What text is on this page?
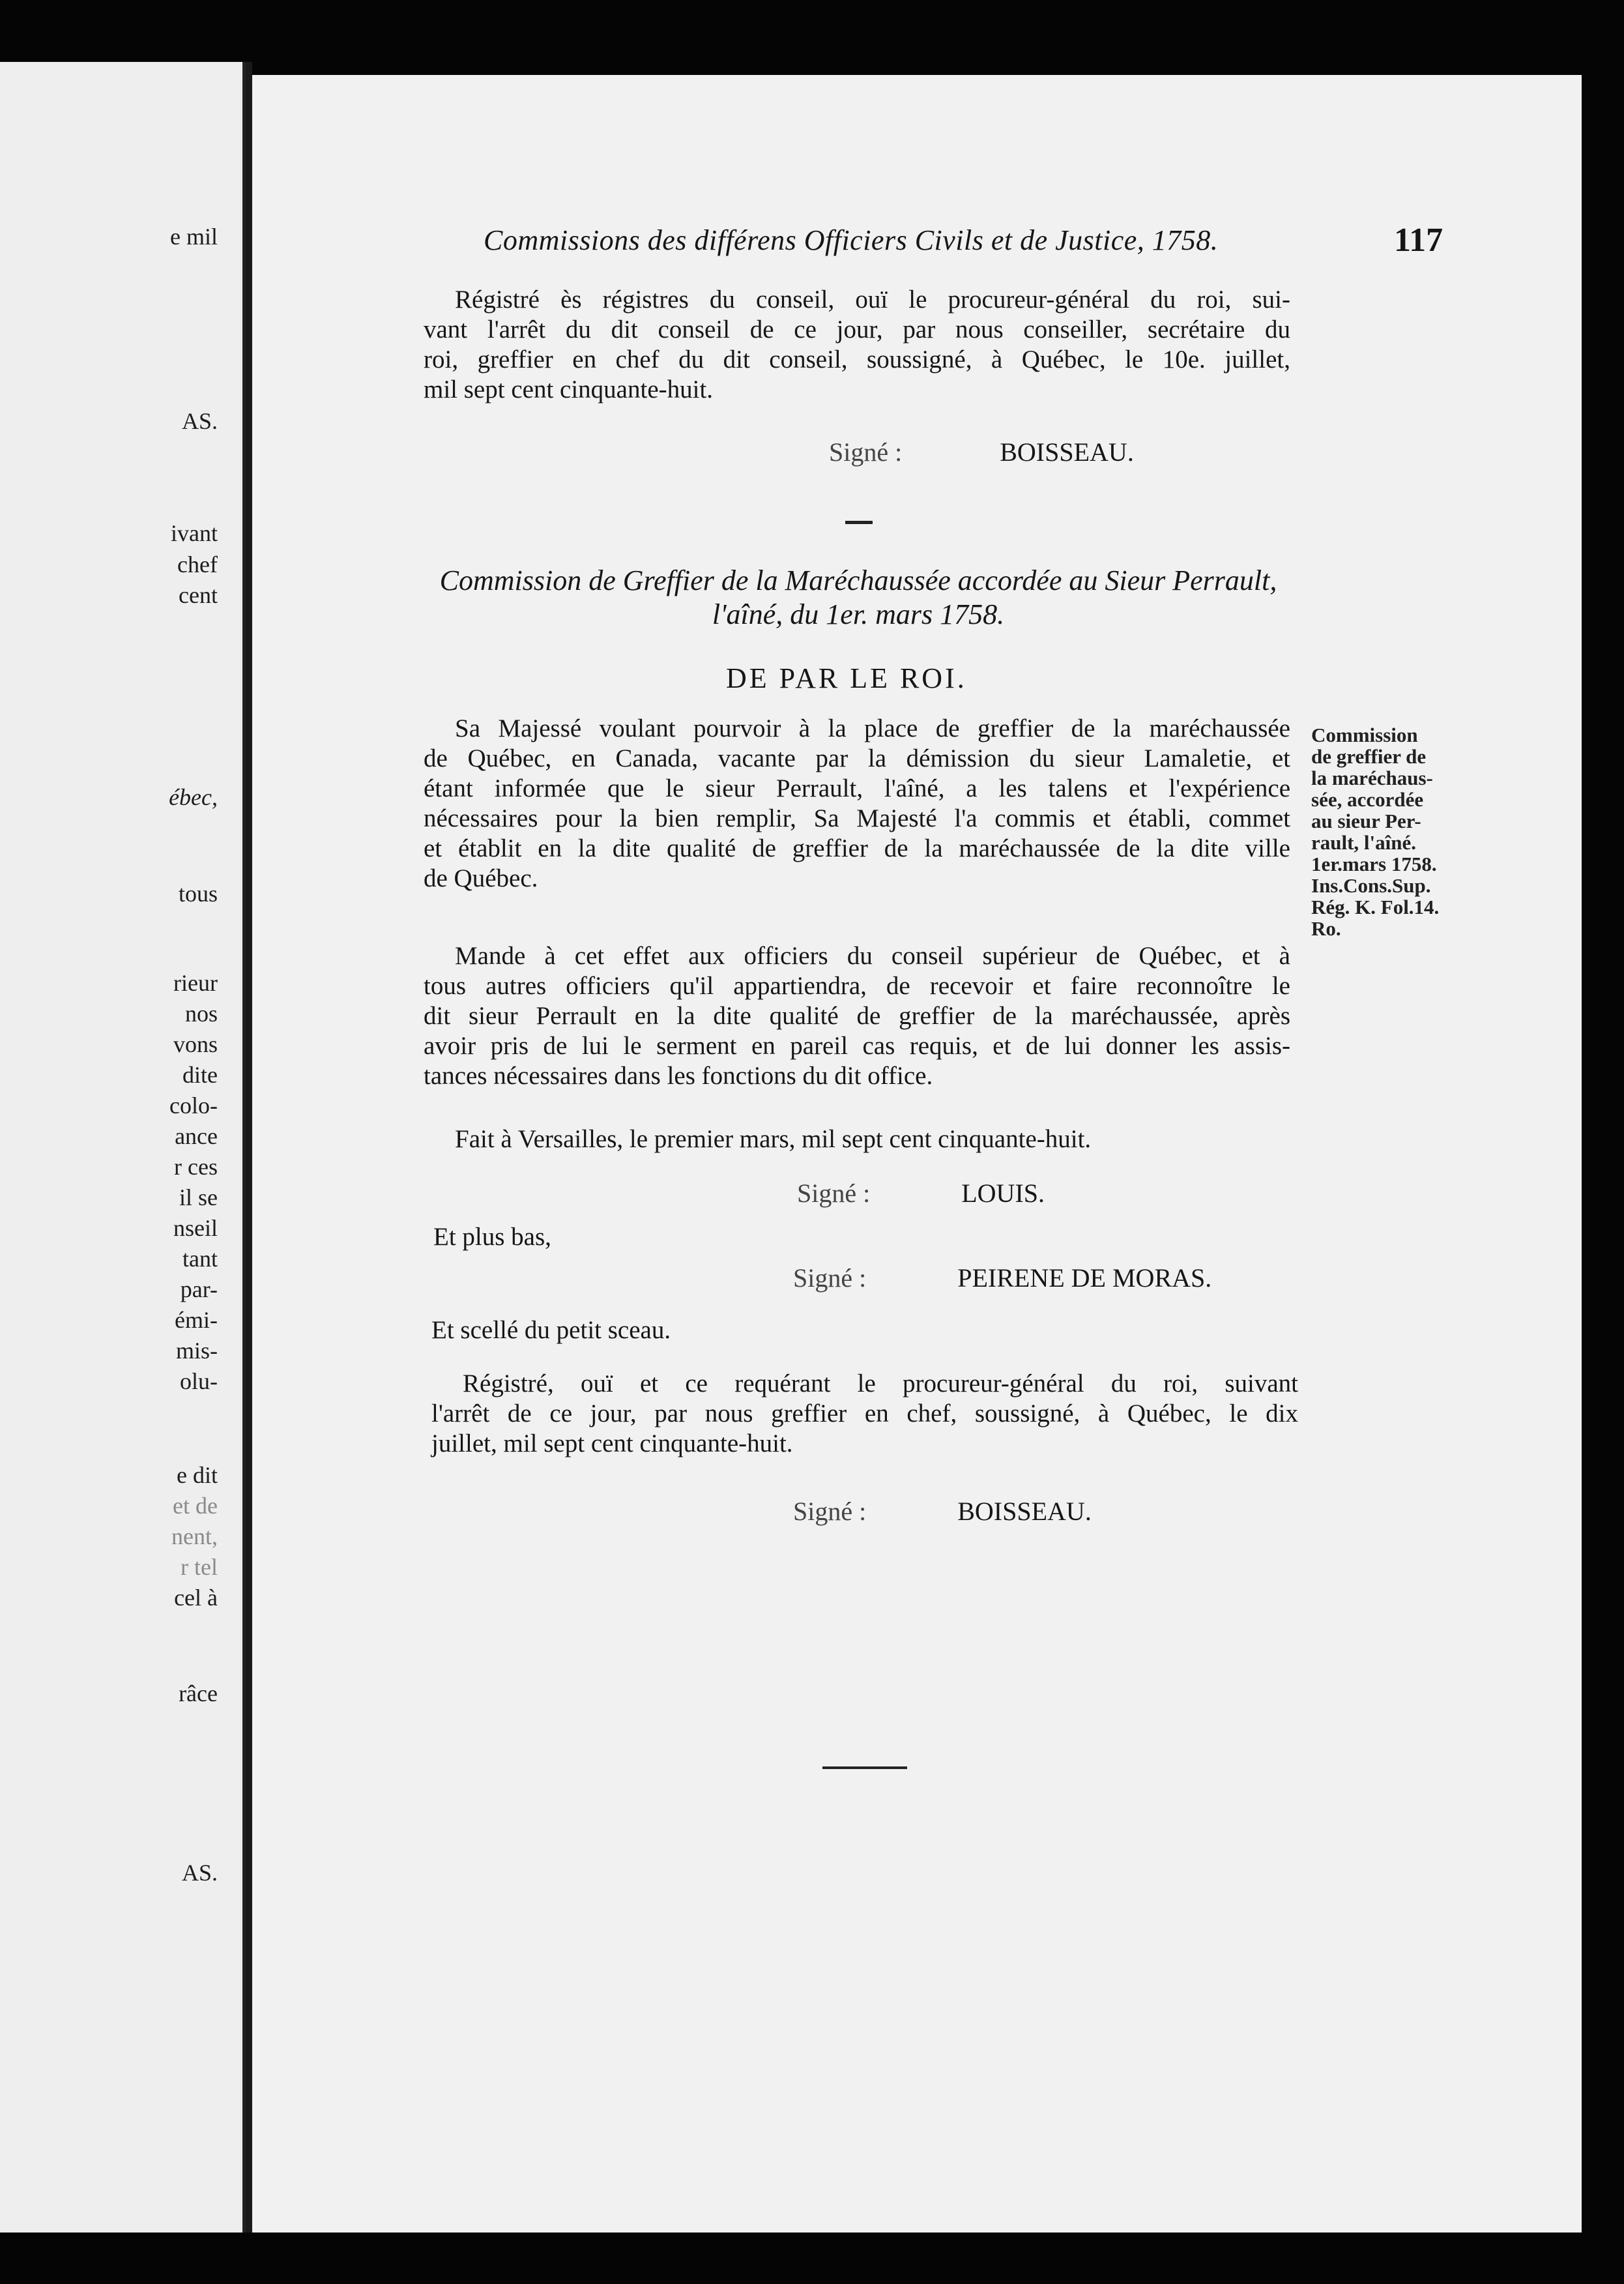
e mil
AS.
ivant
chef
cent
ébec,
tous
rieur
nos
vons
dite
colo-
ance
r ces
il se
nseil
tant
par-
émi-
mis-
olu-
e dit
et de
nent,
r tel
cel à
râce
AS.
Commissions des différens Officiers Civils et de Justice, 1758.	117
Régistré ès régistres du conseil, ouï le procureur-général du roi, sui-
vant l'arrêt du dit conseil de ce jour, par nous conseiller, secrétaire du
roi, greffier en chef du dit conseil, soussigné, à Québec, le 10e. juillet,
mil sept cent cinquante-huit.
Signé :	BOISSEAU.
Commission de Greffier de la Maréchaussée accordée au Sieur Perrault,
l'aîné, du 1er. mars 1758.
DE PAR LE ROI.
Sa Majessé voulant pourvoir à la place de greffier de la maréchaussée
de Québec, en Canada, vacante par la démission du sieur Lamaletie, et
étant informée que le sieur Perrault, l'aîné, a les talens et l'expérience
nécessaires pour la bien remplir, Sa Majesté l'a commis et établi, commet
et établit en la dite qualité de greffier de la maréchaussée de la dite ville
de Québec.
Commission
de greffier de
la maréchaus-
sée, accordée
au sieur Per-
rault, l'aîné.
1er.mars 1758.
Ins.Cons.Sup.
Rég. K. Fol.14.
Ro.
Mande à cet effet aux officiers du conseil supérieur de Québec, et à
tous autres officiers qu'il appartiendra, de recevoir et faire reconnoître le
dit sieur Perrault en la dite qualité de greffier de la maréchaussée, après
avoir pris de lui le serment en pareil cas requis, et de lui donner les assis-
tances nécessaires dans les fonctions du dit office.
Fait à Versailles, le premier mars, mil sept cent cinquante-huit.
Signé :	LOUIS.
Et plus bas,
Signé :	PEIRENE DE MORAS.
Et scellé du petit sceau.
Régistré, ouï et ce requérant le procureur-général du roi, suivant
l'arrêt de ce jour, par nous greffier en chef, soussigné, à Québec, le dix
juillet, mil sept cent cinquante-huit.
Signé :	BOISSEAU.
